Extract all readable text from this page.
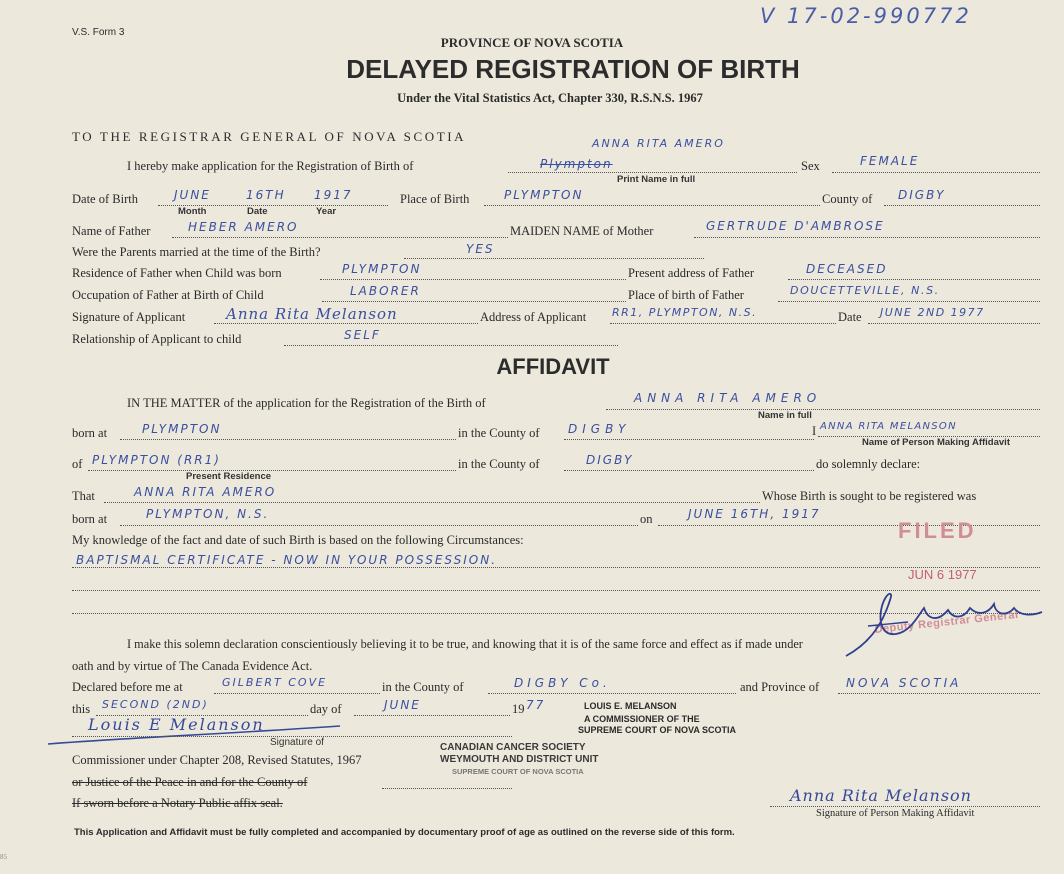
V.S. Form 3
V 17-02-990772
PROVINCE OF NOVA SCOTIA
DELAYED REGISTRATION OF BIRTH
Under the Vital Statistics Act, Chapter 330, R.S.N.S. 1967
TO THE REGISTRAR GENERAL OF NOVA SCOTIA
I hereby make application for the Registration of Birth of	Plympton
ANNA RITA AMERO
Print Name in full
Sex	FEMALE
Date of Birth	JUNE	16TH 1917
Month	Date	Year
Place of Birth	PLYMPTON	County of DIGBY
Name of Father	HEBER AMERO	MAIDEN NAME of Mother	GERTRUDE D'AMBROSE
Were the Parents married at the time of the Birth?	YES
Residence of Father when Child was born	PLYMPTON	Present address of Father	DECEASED
Occupation of Father at Birth of Child	LABORER	Place of birth of Father	DOUCETTEVILLE, N.S.
Signature of Applicant	Anna Rita Melanson	Address of Applicant RR1, PLYMPTON, N.S.	Date JUNE 2ND 1977
Relationship of Applicant to child	SELF
AFFIDAVIT
IN THE MATTER of the application for the Registration of the Birth of	ANNA RITA AMERO
Name in full
born at	PLYMPTON	in the County of DIGBY	I ANNA RITA MELANSON
Name of Person Making Affidavit
of PLYMPTON (RR1)
Present Residence
in the County of	DIGBY	do solemnly declare:
That	ANNA RITA AMERO	Whose Birth is sought to be registered was
born at	PLYMPTON, N.S.	on	JUNE 16TH, 1917
My knowledge of the fact and date of such Birth is based on the following Circumstances:
BAPTISMAL CERTIFICATE - NOW IN YOUR POSSESSION.
I make this solemn declaration conscientiously believing it to be true, and knowing that it is of the same force and effect as if made under
oath and by virtue of The Canada Evidence Act.
Declared before me at	GILBERT COVE	in the County of	DIGBY Co.	and Province of NOVA SCOTIA
this SECOND (2ND)	day of	JUNE	19 77
Louis E Melanson
Signature of
LOUIS E. MELANSON
A COMMISSIONER OF THE
SUPREME COURT OF NOVA SCOTIA
CANADIAN CANCER SOCIETY
WEYMOUTH AND DISTRICT UNIT
SUPREME COURT OF NOVA SCOTIA
Commissioner under Chapter 208, Revised Statutes, 1967
or Justice of the Peace in and for the County of
If sworn before a Notary Public affix seal.	Anna Rita Melanson
Signature of Person Making Affidavit
This Application and Affidavit must be fully completed and accompanied by documentary proof of age as outlined on the reverse side of this form.
FILED
JUN 6 1977
Deputy Registrar General
85
